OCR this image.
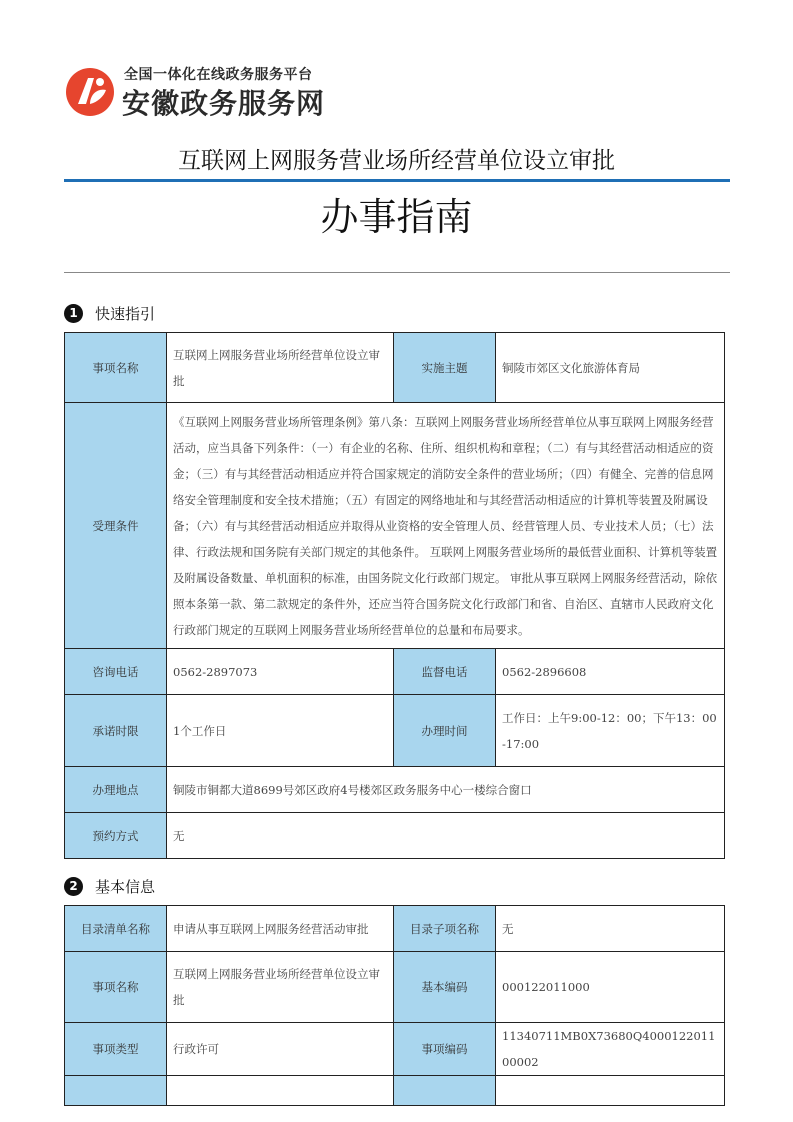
全国一体化在线政务服务平台
安徽政务服务网
互联网上网服务营业场所经营单位设立审批
办事指南
1	快速指引
事项名称	互联网上网服务营业场所经营单位设立审批	实施主题	铜陵市郊区文化旅游体育局
受理条件	《互联网上网服务营业场所管理条例》第八条：互联网上网服务营业场所经营单位从事互联网上网服务经营活动，应当具备下列条件：（一）有企业的名称、住所、组织机构和章程；（二）有与其经营活动相适应的资金；（三）有与其经营活动相适应并符合国家规定的消防安全条件的营业场所；（四）有健全、完善的信息网络安全管理制度和安全技术措施；（五）有固定的网络地址和与其经营活动相适应的计算机等装置及附属设备；（六）有与其经营活动相适应并取得从业资格的安全管理人员、经营管理人员、专业技术人员；（七）法律、行政法规和国务院有关部门规定的其他条件。 互联网上网服务营业场所的最低营业面积、计算机等装置及附属设备数量、单机面积的标准，由国务院文化行政部门规定。 审批从事互联网上网服务经营活动，除依照本条第一款、第二款规定的条件外，还应当符合国务院文化行政部门和省、自治区、直辖市人民政府文化行政部门规定的互联网上网服务营业场所经营单位的总量和布局要求。		
咨询电话	0562-2897073	监督电话	0562-2896608
承诺时限	1个工作日	办理时间	工作日：上午9:00-12：00；下午13：00-17:00
办理地点	铜陵市铜都大道8699号郊区政府4号楼郊区政务服务中心一楼综合窗口		
预约方式	无		
2	基本信息
目录清单名称	申请从事互联网上网服务经营活动审批	目录子项名称	无
事项名称	互联网上网服务营业场所经营单位设立审批	基本编码	000122011000
事项类型	行政许可	事项编码	11340711MB0X73680Q400012201100002
